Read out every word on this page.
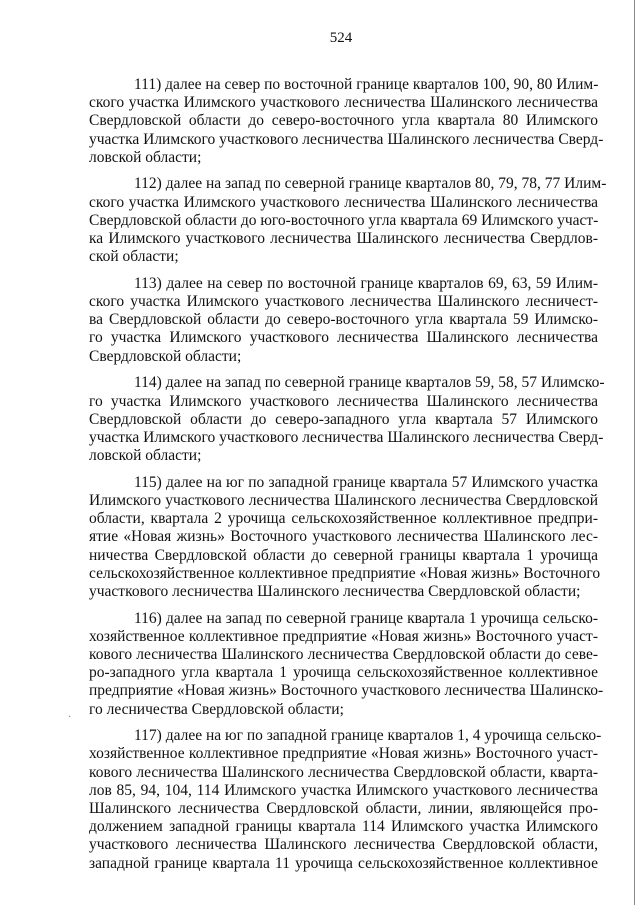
524
·
111) далее на север по восточной границе кварталов 100, 90, 80 Илим-
ского участка Илимского участкового лесничества Шалинского лесничества
Свердловской области до северо-восточного угла квартала 80 Илимского
участка Илимского участкового лесничества Шалинского лесничества Сверд-
ловской области;
112) далее на запад по северной границе кварталов 80, 79, 78, 77 Илим-
ского участка Илимского участкового лесничества Шалинского лесничества
Свердловской области до юго-восточного угла квартала 69 Илимского участ-
ка Илимского участкового лесничества Шалинского лесничества Свердлов-
ской области;
113) далее на север по восточной границе кварталов 69, 63, 59 Илим-
ского участка Илимского участкового лесничества Шалинского лесничест-
ва Свердловской области до северо-восточного угла квартала 59 Илимско-
го участка Илимского участкового лесничества Шалинского лесничества
Свердловской области;
114) далее на запад по северной границе кварталов 59, 58, 57 Илимско-
го участка Илимского участкового лесничества Шалинского лесничества
Свердловской области до северо-западного угла квартала 57 Илимского
участка Илимского участкового лесничества Шалинского лесничества Сверд-
ловской области;
115) далее на юг по западной границе квартала 57 Илимского участка
Илимского участкового лесничества Шалинского лесничества Свердловской
области, квартала 2 урочища сельскохозяйственное коллективное предпри-
ятие «Новая жизнь» Восточного участкового лесничества Шалинского лес-
ничества Свердловской области до северной границы квартала 1 урочища
сельскохозяйственное коллективное предприятие «Новая жизнь» Восточного
участкового лесничества Шалинского лесничества Свердловской области;
116) далее на запад по северной границе квартала 1 урочища сельско-
хозяйственное коллективное предприятие «Новая жизнь» Восточного участ-
кового лесничества Шалинского лесничества Свердловской области до севе-
ро-западного угла квартала 1 урочища сельскохозяйственное коллективное
предприятие «Новая жизнь» Восточного участкового лесничества Шалинско-
го лесничества Свердловской области;
117) далее на юг по западной границе кварталов 1, 4 урочища сельско-
хозяйственное коллективное предприятие «Новая жизнь» Восточного участ-
кового лесничества Шалинского лесничества Свердловской области, кварта-
лов 85, 94, 104, 114 Илимского участка Илимского участкового лесничества
Шалинского лесничества Свердловской области, линии, являющейся про-
должением западной границы квартала 114 Илимского участка Илимского
участкового лесничества Шалинского лесничества Свердловской области,
западной границе квартала 11 урочища сельскохозяйственное коллективное
